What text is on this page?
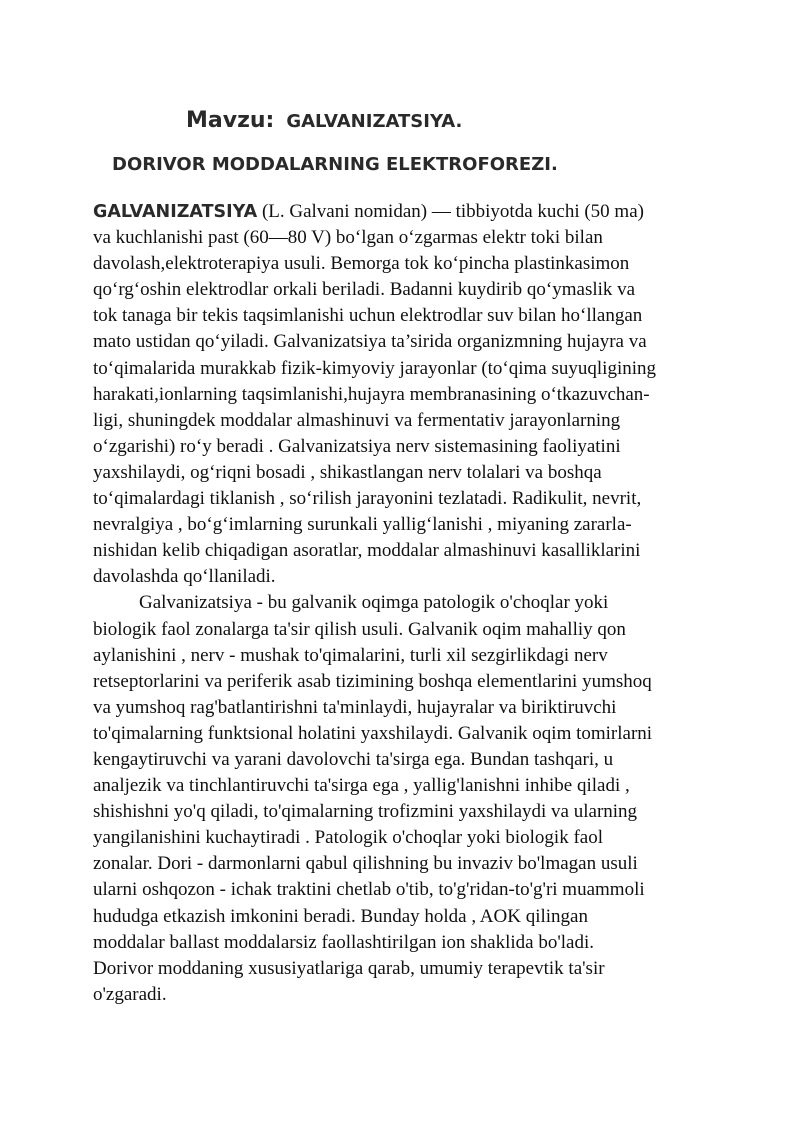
Mavzu: GALVANIZATSIYA.
DORIVOR MODDALARNING ELEKTROFOREZI.
GALVANIZATSIYA (L. Galvani nomidan) — tibbiyotda kuchi (50 ma)
va kuchlanishi past (60—80 V) bo‘lgan o‘zgarmas elektr toki bilan
davolash,elektroterapiya usuli. Bemorga tok ko‘pincha plastinkasimon
qo‘rg‘oshin elektrodlar orkali beriladi. Badanni kuydirib qo‘ymaslik va
tok tanaga bir tekis taqsimlanishi uchun elektrodlar suv bilan ho‘llangan
mato ustidan qo‘yiladi. Galvanizatsiya ta’sirida organizmning hujayra va
to‘qimalarida murakkab fizik-kimyoviy jarayonlar (to‘qima suyuqligining
harakati,ionlarning taqsimlanishi,hujayra membranasining o‘tkazuvchan-
ligi, shuningdek moddalar almashinuvi va fermentativ jarayonlarning
o‘zgarishi) ro‘y beradi . Galvanizatsiya nerv sistemasining faoliyatini
yaxshilaydi, og‘riqni bosadi , shikastlangan nerv tolalari va boshqa
to‘qimalardagi tiklanish , so‘rilish jarayonini tezlatadi. Radikulit, nevrit,
nevralgiya , bo‘g‘imlarning surunkali yallig‘lanishi , miyaning zararla-
nishidan kelib chiqadigan asoratlar, moddalar almashinuvi kasalliklarini
davolashda qo‘llaniladi.
Galvanizatsiya - bu galvanik oqimga patologik o'choqlar yoki
biologik faol zonalarga ta'sir qilish usuli. Galvanik oqim mahalliy qon
aylanishini , nerv - mushak to'qimalarini, turli xil sezgirlikdagi nerv
retseptorlarini va periferik asab tizimining boshqa elementlarini yumshoq
va yumshoq rag'batlantirishni ta'minlaydi, hujayralar va biriktiruvchi
to'qimalarning funktsional holatini yaxshilaydi. Galvanik oqim tomirlarni
kengaytiruvchi va yarani davolovchi ta'sirga ega. Bundan tashqari, u
analjezik va tinchlantiruvchi ta'sirga ega , yallig'lanishni inhibe qiladi ,
shishishni yo'q qiladi, to'qimalarning trofizmini yaxshilaydi va ularning
yangilanishini kuchaytiradi . Patologik o'choqlar yoki biologik faol
zonalar. Dori - darmonlarni qabul qilishning bu invaziv bo'lmagan usuli
ularni oshqozon - ichak traktini chetlab o'tib, to'g'ridan-to'g'ri muammoli
hududga etkazish imkonini beradi. Bunday holda , AOK qilingan
moddalar ballast moddalarsiz faollashtirilgan ion shaklida bo'ladi.
Dorivor moddaning xususiyatlariga qarab, umumiy terapevtik ta'sir
o'zgaradi.
